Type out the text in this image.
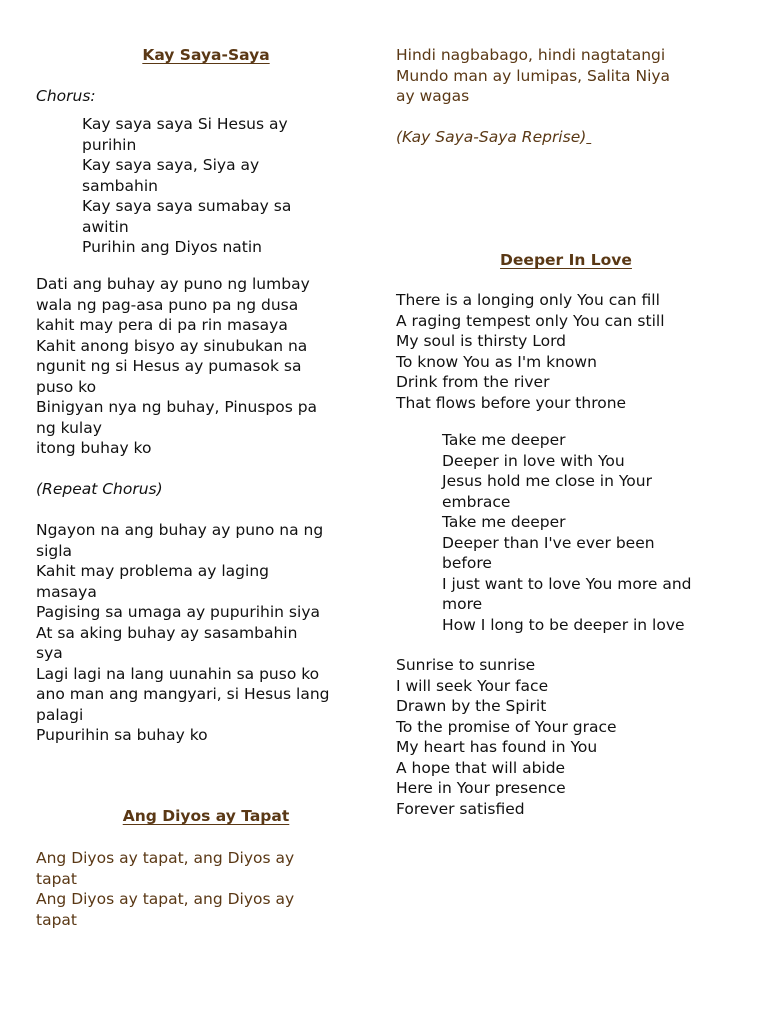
Kay Saya-Saya
Chorus:
Kay saya saya Si Hesus ay
purihin
Kay saya saya, Siya ay
sambahin
Kay saya saya sumabay sa
awitin
Purihin ang Diyos natin
Dati ang buhay ay puno ng lumbay
wala ng pag-asa puno pa ng dusa
kahit may pera di pa rin masaya
Kahit anong bisyo ay sinubukan na
ngunit ng si Hesus ay pumasok sa
puso ko
Binigyan nya ng buhay, Pinuspos pa
ng kulay
itong buhay ko
(Repeat Chorus)
Ngayon na ang buhay ay puno na ng
sigla
Kahit may problema ay laging
masaya
Pagising sa umaga ay pupurihin siya
At sa aking buhay ay sasambahin
sya
Lagi lagi na lang uunahin sa puso ko
ano man ang mangyari, si Hesus lang
palagi
Pupurihin sa buhay ko
Ang Diyos ay Tapat
Ang Diyos ay tapat, ang Diyos ay
tapat
Ang Diyos ay tapat, ang Diyos ay
tapat
Hindi nagbabago, hindi nagtatangi
Mundo man ay lumipas, Salita Niya
ay wagas
(Kay Saya-Saya Reprise)
Deeper In Love
There is a longing only You can fill
A raging tempest only You can still
My soul is thirsty Lord
To know You as I'm known
Drink from the river
That flows before your throne
Take me deeper
Deeper in love with You
Jesus hold me close in Your
embrace
Take me deeper
Deeper than I've ever been
before
I just want to love You more and
more
How I long to be deeper in love
Sunrise to sunrise
I will seek Your face
Drawn by the Spirit
To the promise of Your grace
My heart has found in You
A hope that will abide
Here in Your presence
Forever satisfied
